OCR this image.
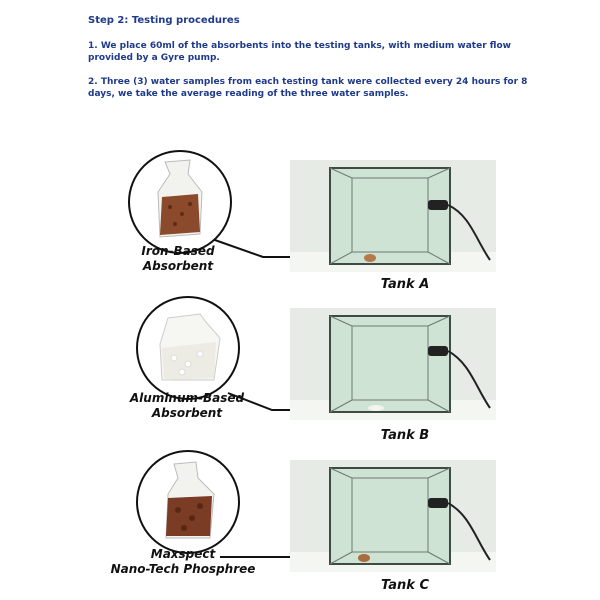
Step 2: Testing procedures
1. We place 60ml of the absorbents into the testing tanks, with medium water flow provided by a Gyre pump.
2. Three (3) water samples from each testing tank were collected every 24 hours for 8 days, we take the average reading of the three water samples.
Iron-Based
Absorbent
Tank A
Aluminum-Based
Absorbent
Tank B
Maxspect
Nano-Tech Phosphree
Tank C
